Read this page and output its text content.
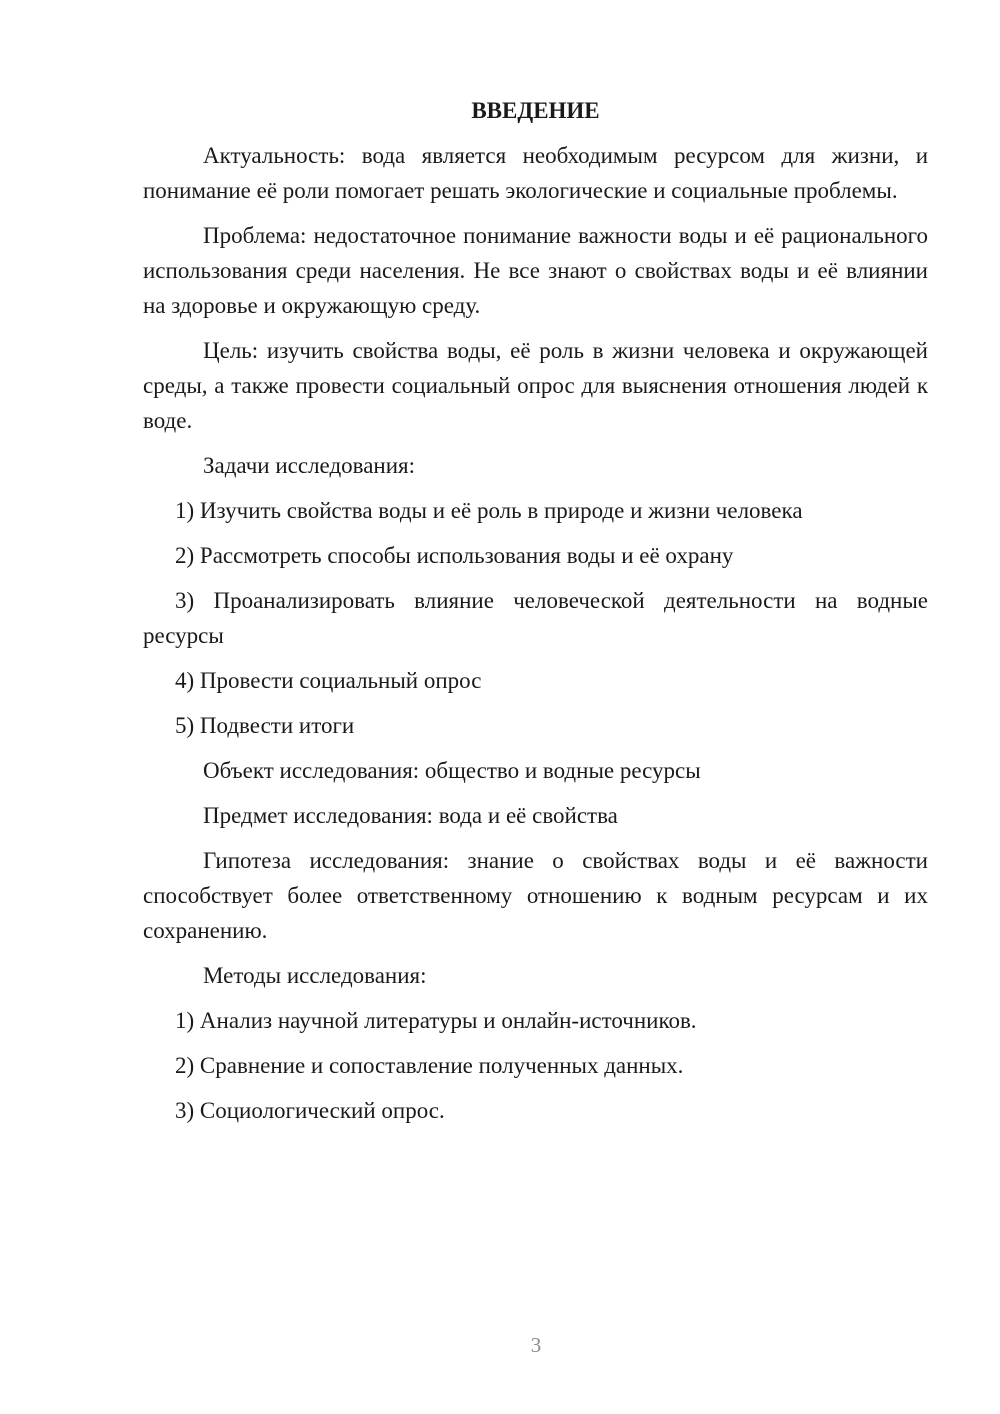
ВВЕДЕНИЕ

Актуальность: вода является необходимым ресурсом для жизни, и понимание её роли помогает решать экологические и социальные проблемы.

Проблема: недостаточное понимание важности воды и её рационального использования среди населения. Не все знают о свойствах воды и её влиянии на здоровье и окружающую среду.

Цель: изучить свойства воды, её роль в жизни человека и окружающей среды, а также провести социальный опрос для выяснения отношения людей к воде.

Задачи исследования:

1) Изучить свойства воды и её роль в природе и жизни человека

2) Рассмотреть способы использования воды и её охрану

3) Проанализировать влияние человеческой деятельности на водные ресурсы

4) Провести социальный опрос

5) Подвести итоги

Объект исследования: общество и водные ресурсы

Предмет исследования: вода и её свойства

Гипотеза исследования: знание о свойствах воды и её важности способствует более ответственному отношению к водным ресурсам и их сохранению.

Методы исследования:

1) Анализ научной литературы и онлайн-источников.

2) Сравнение и сопоставление полученных данных.

3) Социологический опрос.

3
